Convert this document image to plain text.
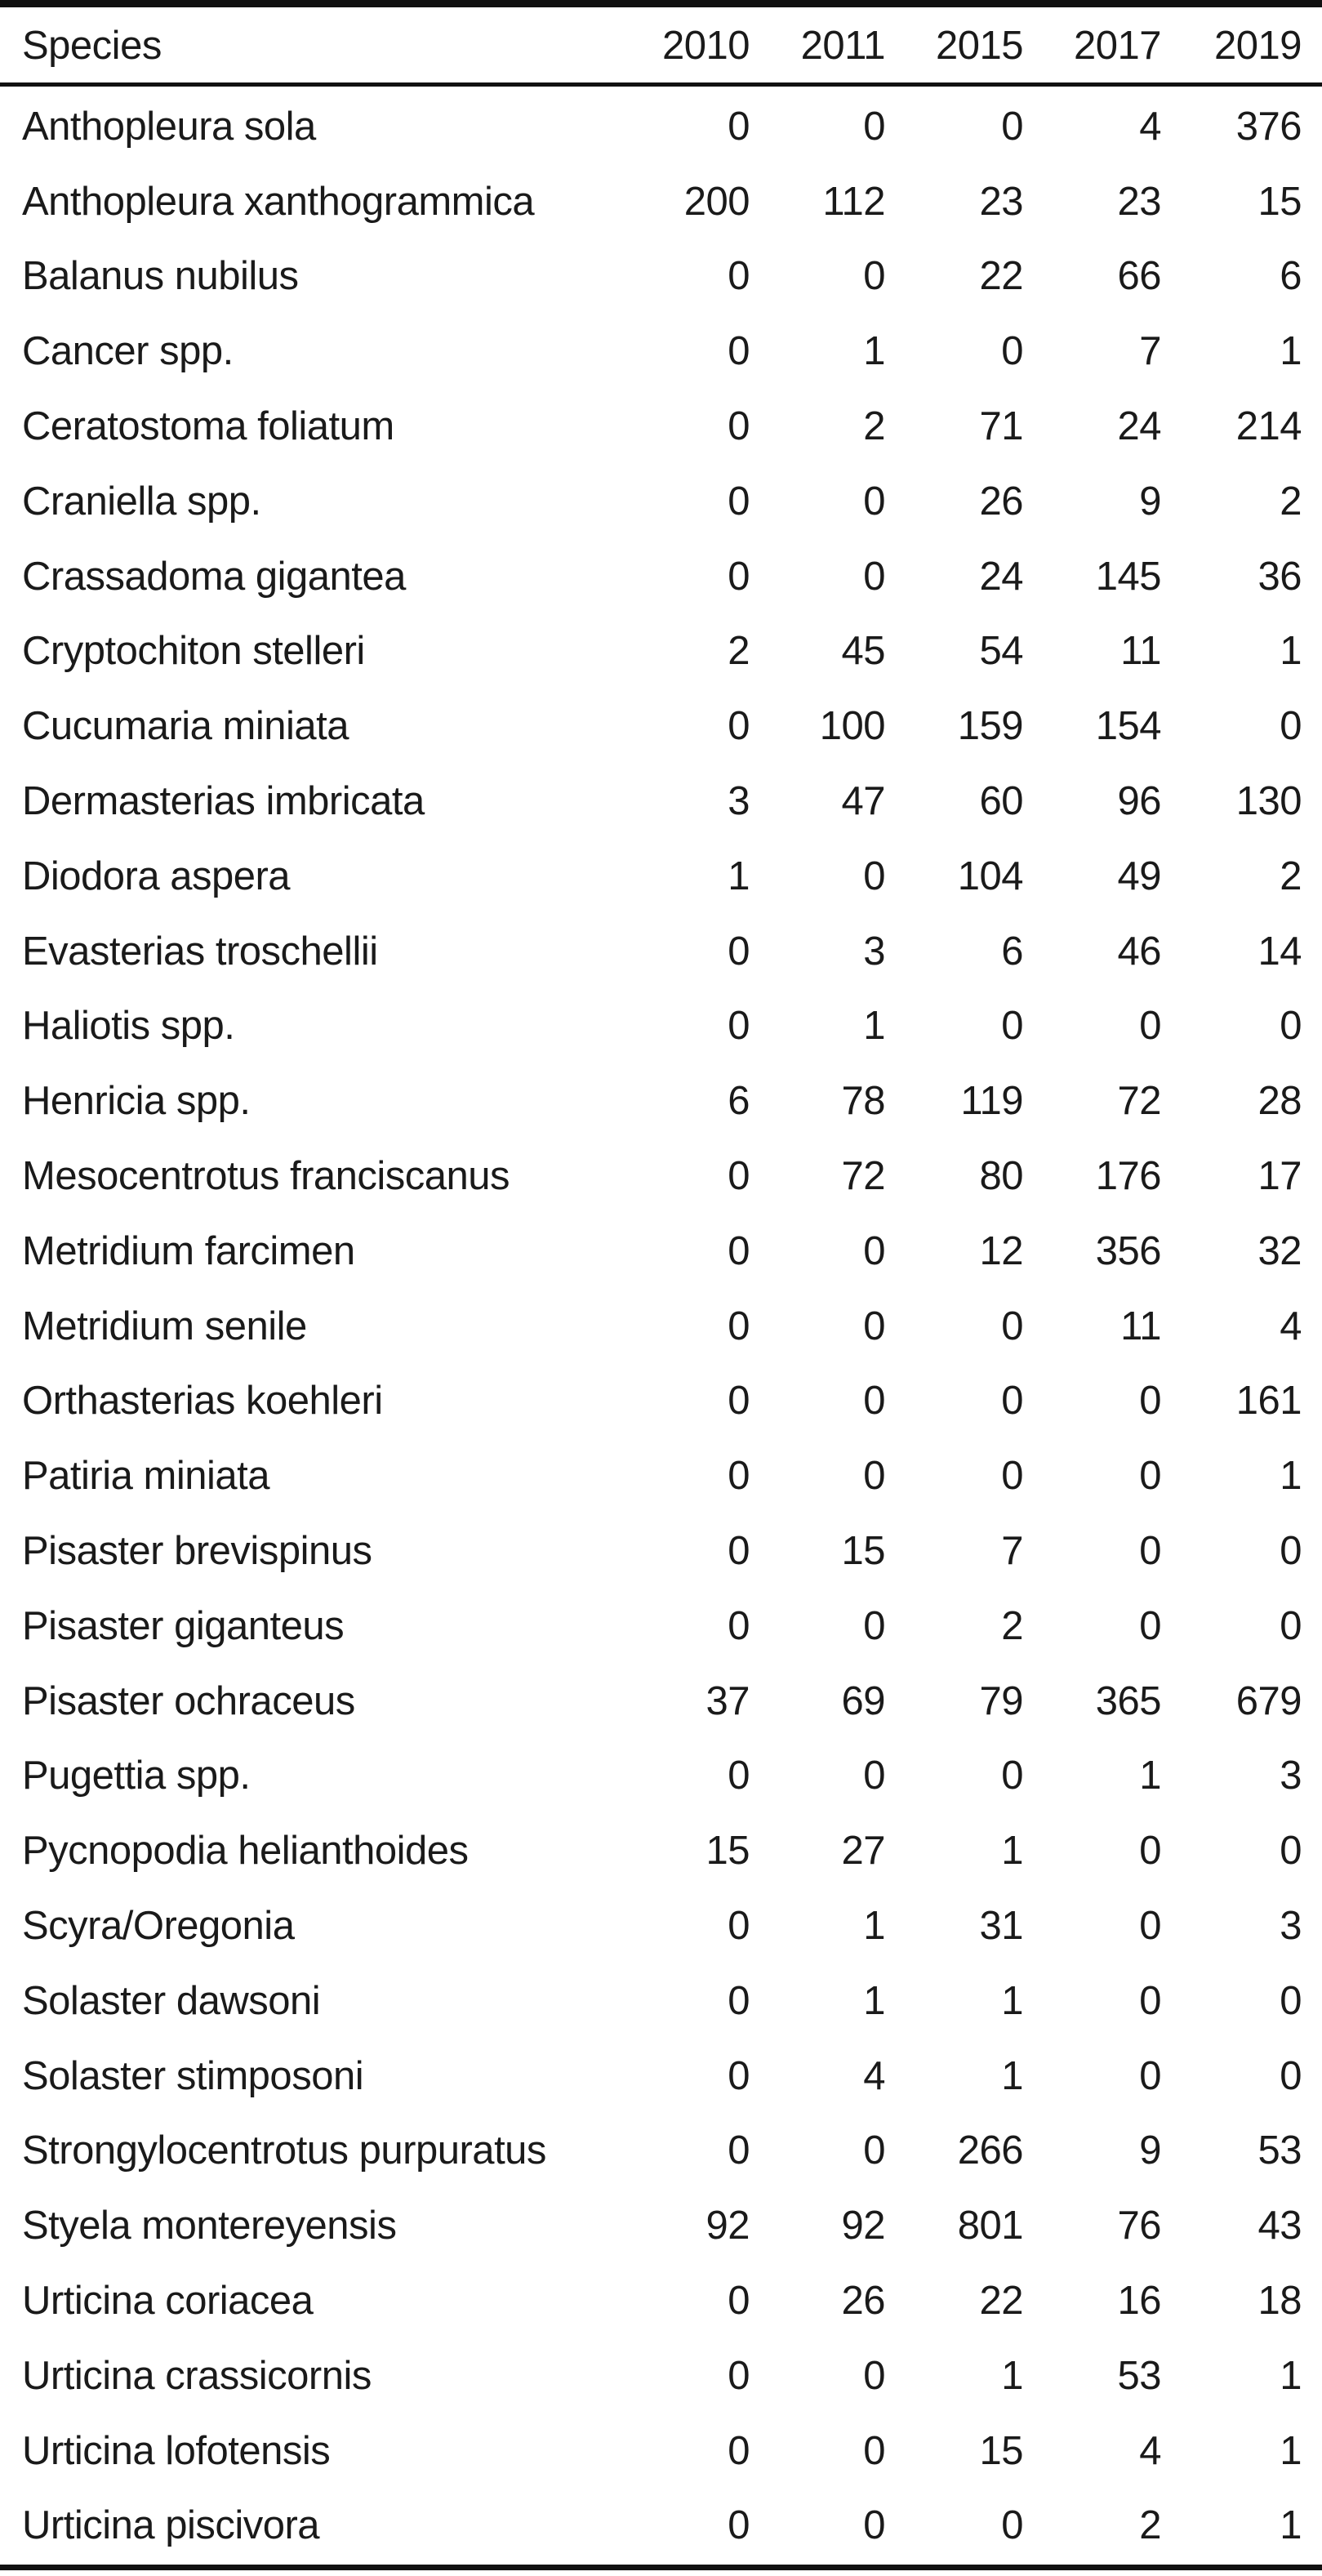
Species	2010	2011	2015	2017	2019
Anthopleura sola	0	0	0	4	376
Anthopleura xanthogrammica	200	112	23	23	15
Balanus nubilus	0	0	22	66	6
Cancer spp.	0	1	0	7	1
Ceratostoma foliatum	0	2	71	24	214
Craniella spp.	0	0	26	9	2
Crassadoma gigantea	0	0	24	145	36
Cryptochiton stelleri	2	45	54	11	1
Cucumaria miniata	0	100	159	154	0
Dermasterias imbricata	3	47	60	96	130
Diodora aspera	1	0	104	49	2
Evasterias troschellii	0	3	6	46	14
Haliotis spp.	0	1	0	0	0
Henricia spp.	6	78	119	72	28
Mesocentrotus franciscanus	0	72	80	176	17
Metridium farcimen	0	0	12	356	32
Metridium senile	0	0	0	11	4
Orthasterias koehleri	0	0	0	0	161
Patiria miniata	0	0	0	0	1
Pisaster brevispinus	0	15	7	0	0
Pisaster giganteus	0	0	2	0	0
Pisaster ochraceus	37	69	79	365	679
Pugettia spp.	0	0	0	1	3
Pycnopodia helianthoides	15	27	1	0	0
Scyra/Oregonia	0	1	31	0	3
Solaster dawsoni	0	1	1	0	0
Solaster stimposoni	0	4	1	0	0
Strongylocentrotus purpuratus	0	0	266	9	53
Styela montereyensis	92	92	801	76	43
Urticina coriacea	0	26	22	16	18
Urticina crassicornis	0	0	1	53	1
Urticina lofotensis	0	0	15	4	1
Urticina piscivora	0	0	0	2	1
